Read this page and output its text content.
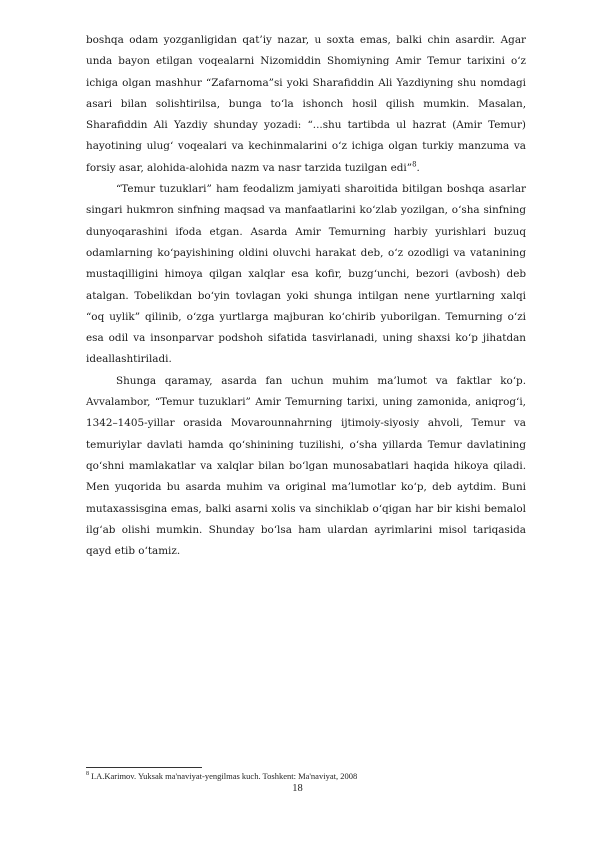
boshqa odam yozganligidan qat’iy nazar, u soxta emas, balki chin asardir. Agar unda bayon etilgan voqealarni Nizomiddin Shomiyning Amir Temur tarixini o‘z ichiga olgan mashhur “Zafarnoma”si yoki Sharafiddin Ali Yazdiyning shu nomdagi asari bilan solishtirilsa, bunga to‘la ishonch hosil qilish mumkin. Masalan, Sharafiddin Ali Yazdiy shunday yozadi: “...shu tartibda ul hazrat (Amir Temur) hayotining ulug‘ voqealari va kechinmalarini o‘z ichiga olgan turkiy manzuma va forsiy asar, alohida-alohida nazm va nasr tarzida tuzilgan edi”$^8$.

“Temur tuzuklari” ham feodalizm jamiyati sharoitida bitilgan boshqa asarlar singari hukmron sinfning maqsad va manfaatlarini ko‘zlab yozilgan, o‘sha sinfning dunyoqarashini ifoda etgan. Asarda Amir Temurning harbiy yurishlari buzuq odamlarning ko‘payishining oldini oluvchi harakat deb, o‘z ozodligi va vatanining mustaqilligini himoya qilgan xalqlar esa kofir, buzg‘unchi, bezori (avbosh) deb atalgan. Tobelikdan bo‘yin tovlagan yoki shunga intilgan nene yurtlarning xalqi “oq uylik” qilinib, o‘zga yurtlarga majburan ko‘chirib yuborilgan. Temurning o‘zi esa odil va insonparvar podshoh sifatida tasvirlanadi, uning shaxsi ko‘p jihatdan ideallashtiriladi.

Shunga qaramay, asarda fan uchun muhim ma’lumot va faktlar ko‘p. Avvalambor, “Temur tuzuklari” Amir Temurning tarixi, uning zamonida, aniqrog‘i, 1342–1405-yillar orasida Movarounnahrning ijtimoiy-siyosiy ahvoli, Temur va temuriylar davlati hamda qo‘shinining tuzilishi, o‘sha yillarda Temur davlatining qo‘shni mamlakatlar va xalqlar bilan bo‘lgan munosabatlari haqida hikoya qiladi. Men yuqorida bu asarda muhim va original ma’lumotlar ko‘p, deb aytdim. Buni mutaxassisgina emas, balki asarni xolis va sinchiklab o‘qigan har bir kishi bemalol ilg‘ab olishi mumkin. Shunday bo‘lsa ham ulardan ayrimlarini misol tariqasida qayd etib o‘tamiz.

$^8$ I.A.Karimov. Yuksak ma'naviyat-yengilmas kuch. Toshkent: Ma'naviyat, 2008
18
